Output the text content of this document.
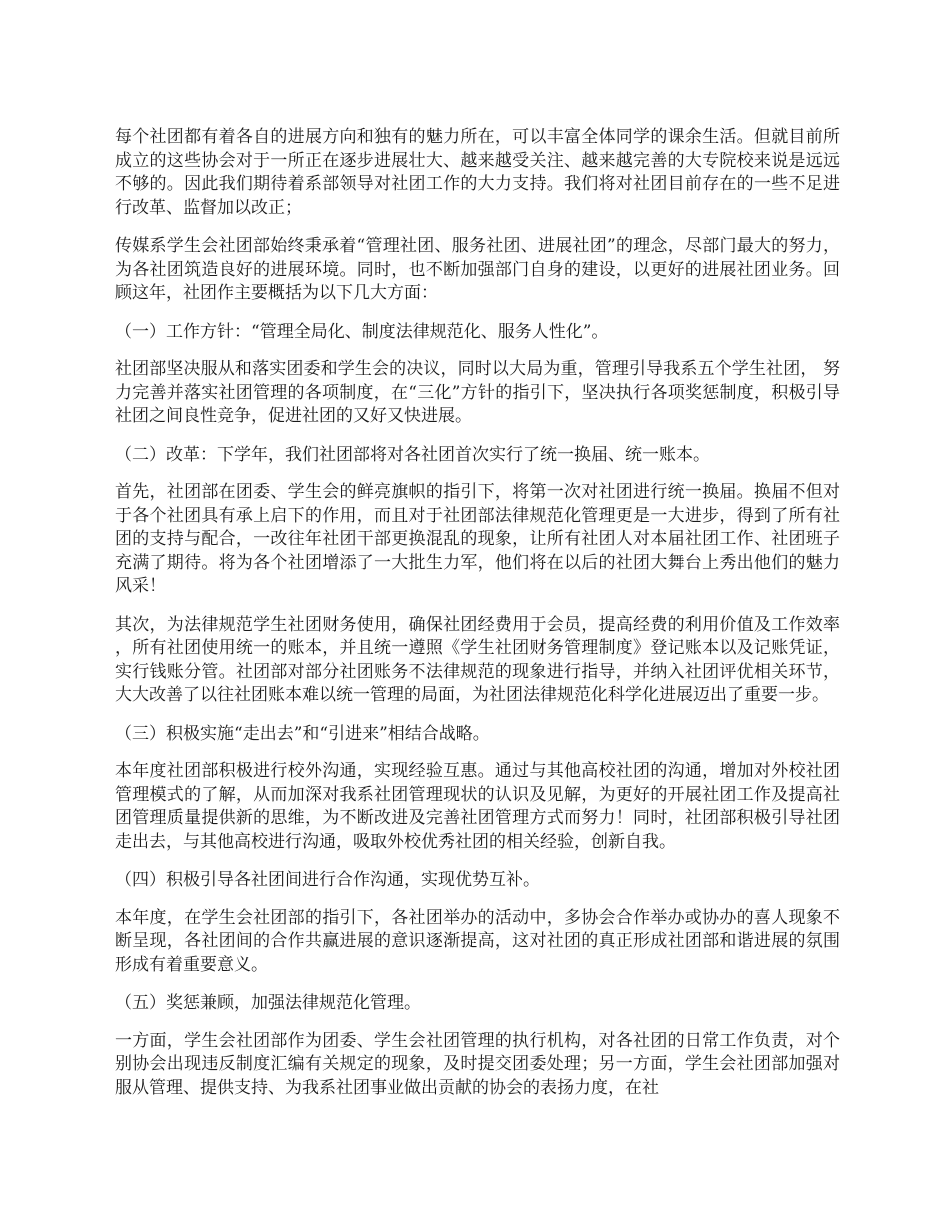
每个社团都有着各自的进展方向和独有的魅力所在，可以丰富全体同学的课余生活。但就目前所成立的这些协会对于一所正在逐步进展壮大、越来越受关注、越来越完善的大专院校来说是远远不够的。因此我们期待着系部领导对社团工作的大力支持。我们将对社团目前存在的一些不足进行改革、监督加以改正；

传媒系学生会社团部始终秉承着“管理社团、服务社团、进展社团”的理念，尽部门最大的努力，为各社团筑造良好的进展环境。同时，也不断加强部门自身的建设，以更好的进展社团业务。回顾这年，社团作主要概括为以下几大方面：

（一）工作方针：“管理全局化、制度法律规范化、服务人性化”。

社团部坚决服从和落实团委和学生会的决议，同时以大局为重，管理引导我系五个学生社团， 努力完善并落实社团管理的各项制度，在“三化”方针的指引下，坚决执行各项奖惩制度，积极引导社团之间良性竞争，促进社团的又好又快进展。

（二）改革：下学年，我们社团部将对各社团首次实行了统一换届、统一账本。

首先，社团部在团委、学生会的鲜亮旗帜的指引下，将第一次对社团进行统一换届。换届不但对于各个社团具有承上启下的作用，而且对于社团部法律规范化管理更是一大进步，得到了所有社团的支持与配合，一改往年社团干部更换混乱的现象，让所有社团人对本届社团工作、社团班子充满了期待。将为各个社团增添了一大批生力军，他们将在以后的社团大舞台上秀出他们的魅力风采！

其次，为法律规范学生社团财务使用，确保社团经费用于会员，提高经费的利用价值及工作效率，所有社团使用统一的账本，并且统一遵照《学生社团财务管理制度》登记账本以及记账凭证，实行钱账分管。社团部对部分社团账务不法律规范的现象进行指导，并纳入社团评优相关环节，大大改善了以往社团账本难以统一管理的局面，为社团法律规范化科学化进展迈出了重要一步。

（三）积极实施“走出去”和“引进来”相结合战略。

本年度社团部积极进行校外沟通，实现经验互惠。通过与其他高校社团的沟通，增加对外校社团管理模式的了解，从而加深对我系社团管理现状的认识及见解，为更好的开展社团工作及提高社团管理质量提供新的思维，为不断改进及完善社团管理方式而努力！同时，社团部积极引导社团走出去，与其他高校进行沟通，吸取外校优秀社团的相关经验，创新自我。

（四）积极引导各社团间进行合作沟通，实现优势互补。

本年度，在学生会社团部的指引下，各社团举办的活动中，多协会合作举办或协办的喜人现象不断呈现，各社团间的合作共赢进展的意识逐渐提高，这对社团的真正形成社团部和谐进展的氛围形成有着重要意义。

（五）奖惩兼顾，加强法律规范化管理。

一方面，学生会社团部作为团委、学生会社团管理的执行机构，对各社团的日常工作负责，对个别协会出现违反制度汇编有关规定的现象，及时提交团委处理；另一方面，学生会社团部加强对服从管理、提供支持、为我系社团事业做出贡献的协会的表扬力度，在社
